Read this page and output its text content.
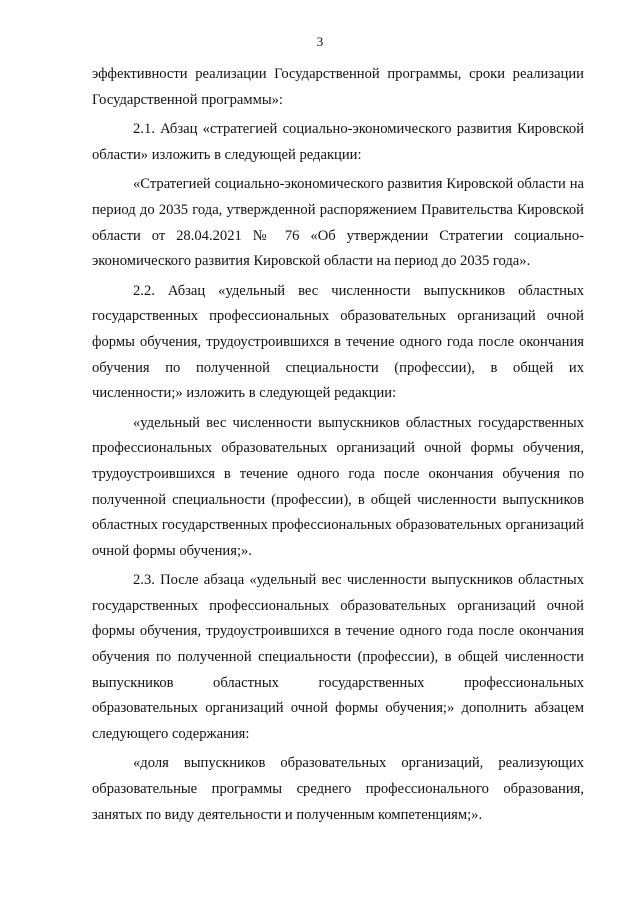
3

эффективности реализации Государственной программы, сроки реализации Государственной программы»:

2.1. Абзац «стратегией социально-экономического развития Кировской области» изложить в следующей редакции:

«Стратегией социально-экономического развития Кировской области на период до 2035 года, утвержденной распоряжением Правительства Кировской области от 28.04.2021 № 76 «Об утверждении Стратегии социально-экономического развития Кировской области на период до 2035 года».

2.2. Абзац «удельный вес численности выпускников областных государственных профессиональных образовательных организаций очной формы обучения, трудоустроившихся в течение одного года после окончания обучения по полученной специальности (профессии), в общей их численности;» изложить в следующей редакции:

«удельный вес численности выпускников областных государственных профессиональных образовательных организаций очной формы обучения, трудоустроившихся в течение одного года после окончания обучения по полученной специальности (профессии), в общей численности выпускников областных государственных профессиональных образовательных организаций очной формы обучения;».

2.3. После абзаца «удельный вес численности выпускников областных государственных профессиональных образовательных организаций очной формы обучения, трудоустроившихся в течение одного года после окончания обучения по полученной специальности (профессии), в общей численности выпускников областных государственных профессиональных образовательных организаций очной формы обучения;» дополнить абзацем следующего содержания:

«доля выпускников образовательных организаций, реализующих образовательные программы среднего профессионального образования, занятых по виду деятельности и полученным компетенциям;».
